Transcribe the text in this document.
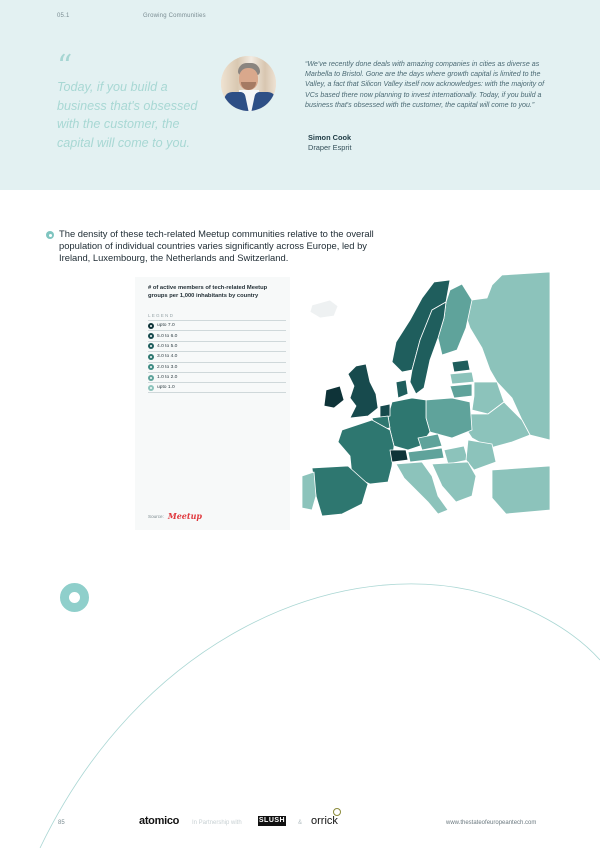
05.1	Growing Communities
“
Today, if you build a business that's obsessed with the customer, the capital will come to you.
“We've recently done deals with amazing companies in cities as diverse as Marbella to Bristol. Gone are the days where growth capital is limited to the Valley, a fact that Silicon Valley itself now acknowledges: with the majority of VCs based there now planning to invest internationally. Today, if you build a business that's obsessed with the customer, the capital will come to you.”
Simon Cook
Draper Esprit
The density of these tech-related Meetup communities relative to the overall population of individual countries varies significantly across Europe, led by Ireland, Luxembourg, the Netherlands and Switzerland.
# of active members of tech-related Meetup groups per 1,000 inhabitants by country
LEGEND
upto 7.0
5.0 to 6.0
4.0 to 5.0
3.0 to 4.0
2.0 to 3.0
1.0 to 2.0
upto 1.0
Source: Meetup
85	atomico In Partnership with SLUSH & orrick	www.thestateofeuropeantech.com
